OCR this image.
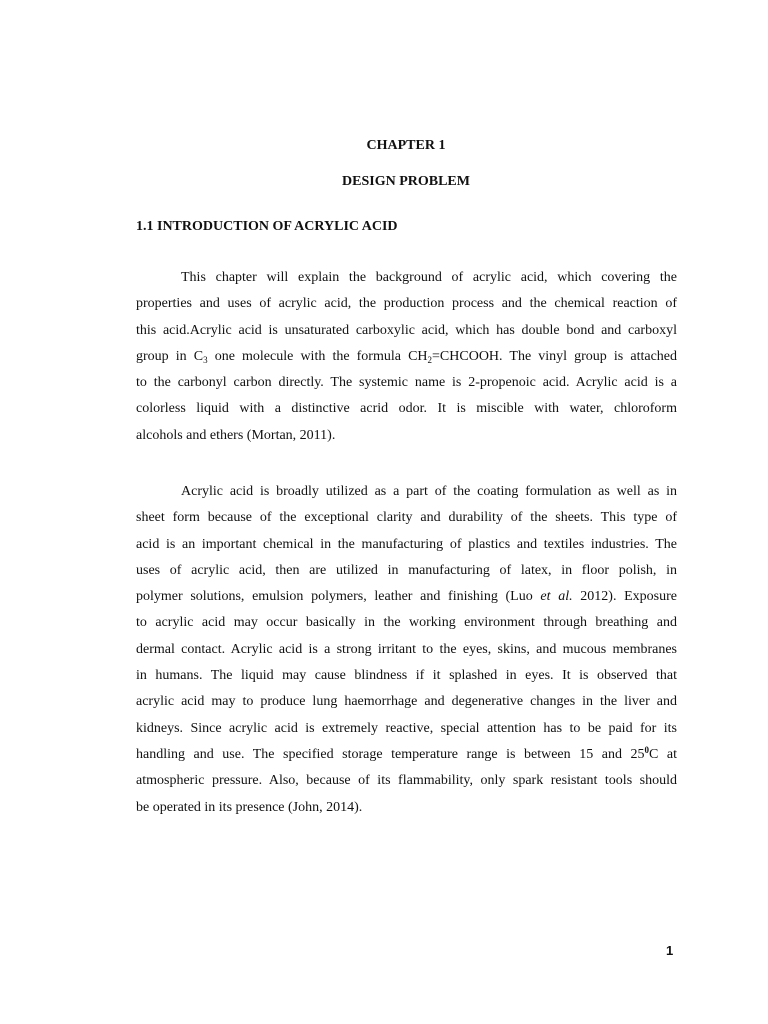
CHAPTER 1
DESIGN PROBLEM
1.1 INTRODUCTION OF ACRYLIC ACID
This chapter will explain the background of acrylic acid, which covering the
properties and uses of acrylic acid, the production process and the chemical reaction of
this acid.Acrylic acid is unsaturated carboxylic acid, which has double bond and carboxyl
group in $C_3$ one molecule with the formula $CH_2=CHCOOH$. The vinyl group is attached
to the carbonyl carbon directly. The systemic name is 2-propenoic acid. Acrylic acid is a
colorless liquid with a distinctive acrid odor. It is miscible with water, chloroform
alcohols and ethers (Mortan, 2011).
Acrylic acid is broadly utilized as a part of the coating formulation as well as in
sheet form because of the exceptional clarity and durability of the sheets. This type of
acid is an important chemical in the manufacturing of plastics and textiles industries. The
uses of acrylic acid, then are utilized in manufacturing of latex, in floor polish, in
polymer solutions, emulsion polymers, leather and finishing (Luo et al. 2012). Exposure
to acrylic acid may occur basically in the working environment through breathing and
dermal contact. Acrylic acid is a strong irritant to the eyes, skins, and mucous membranes
in humans. The liquid may cause blindness if it splashed in eyes. It is observed that
acrylic acid may to produce lung haemorrhage and degenerative changes in the liver and
kidneys. Since acrylic acid is extremely reactive, special attention has to be paid for its
handling and use. The specified storage temperature range is between 15 and $25^0C$ at
atmospheric pressure. Also, because of its flammability, only spark resistant tools should
be operated in its presence (John, 2014).
1
